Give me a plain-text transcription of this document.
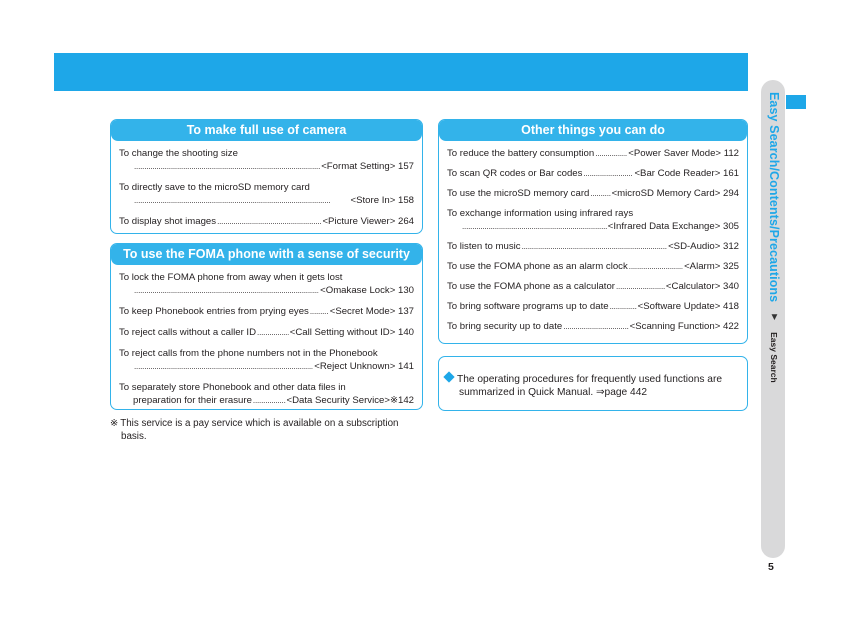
To make full use of camera
To change the shooting size
. . .
<Format Setting> 157
To directly save to the microSD memory card
. . .
<Store In> 158
To display shot images . . .	<Picture Viewer> 264
To use the FOMA phone with a sense of security
To lock the FOMA phone from away when it gets lost
. . .
<Omakase Lock> 130
To keep Phonebook entries from prying eyes . . . <Secret Mode> 137
To reject calls without a caller ID . . .	<Call Setting without ID> 140
To reject calls from the phone numbers not in the Phonebook
. . .
<Reject Unknown> 141
To separately store Phonebook and other data files in
preparation for their erasure . . .	<Data Security Service>※142
※ This service is a pay service which is available on a subscription
basis.
Other things you can do
To reduce the battery consumption . . .	<Power Saver Mode> 112
To scan QR codes or Bar codes . . .	<Bar Code Reader> 161
To use the microSD memory card . . . <microSD Memory Card> 294
To exchange information using infrared rays
. . .
<Infrared Data Exchange> 305
To listen to music . . .	<SD-Audio> 312
To use the FOMA phone as an alarm clock . . .	<Alarm> 325
To use the FOMA phone as a calculator . . .	<Calculator> 340
To bring software programs up to date . . .	<Software Update> 418
To bring security up to date . . .	<Scanning Function> 422
The operating procedures for frequently used functions are
summarized in Quick Manual. ⇒page 442
Easy Search/Contents/Precautions ▼ Easy Search
5
